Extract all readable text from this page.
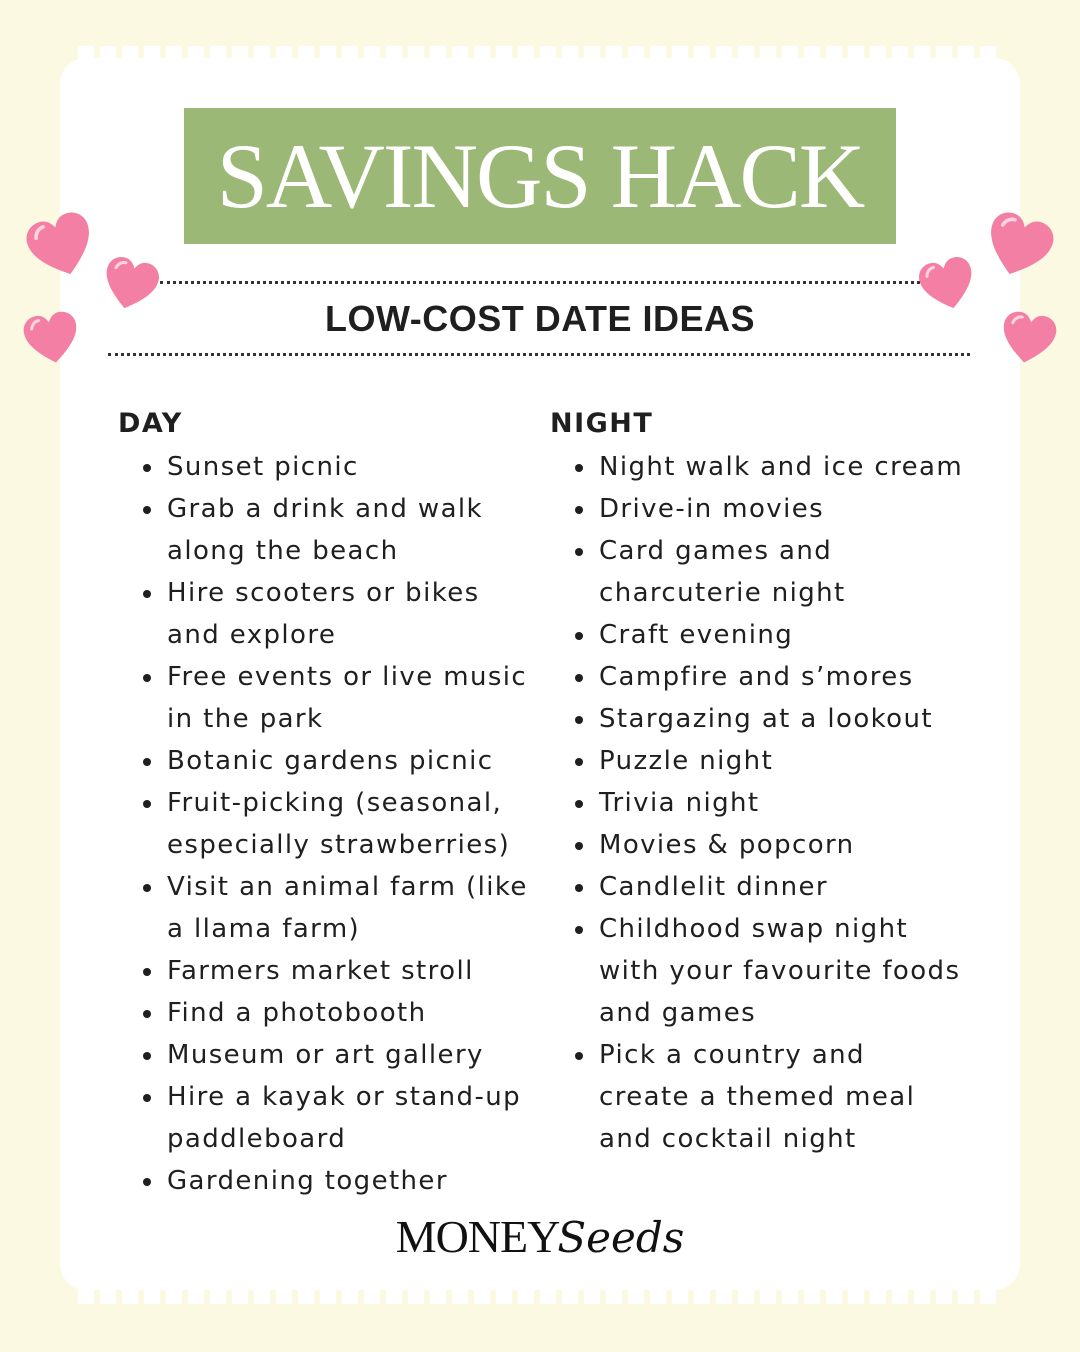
SAVINGS HACK
LOW-COST DATE IDEAS
DAY
Sunset picnic
Grab a drink and walk
along the beach
Hire scooters or bikes
and explore
Free events or live music
in the park
Botanic gardens picnic
Fruit-picking (seasonal,
especially strawberries)
Visit an animal farm (like
a llama farm)
Farmers market stroll
Find a photobooth
Museum or art gallery
Hire a kayak or stand-up
paddleboard
Gardening together
NIGHT
Night walk and ice cream
Drive-in movies
Card games and
charcuterie night
Craft evening
Campfire and s’mores
Stargazing at a lookout
Puzzle night
Trivia night
Movies & popcorn
Candlelit dinner
Childhood swap night
with your favourite foods
and games
Pick a country and
create a themed meal
and cocktail night
MONEYSeeds
